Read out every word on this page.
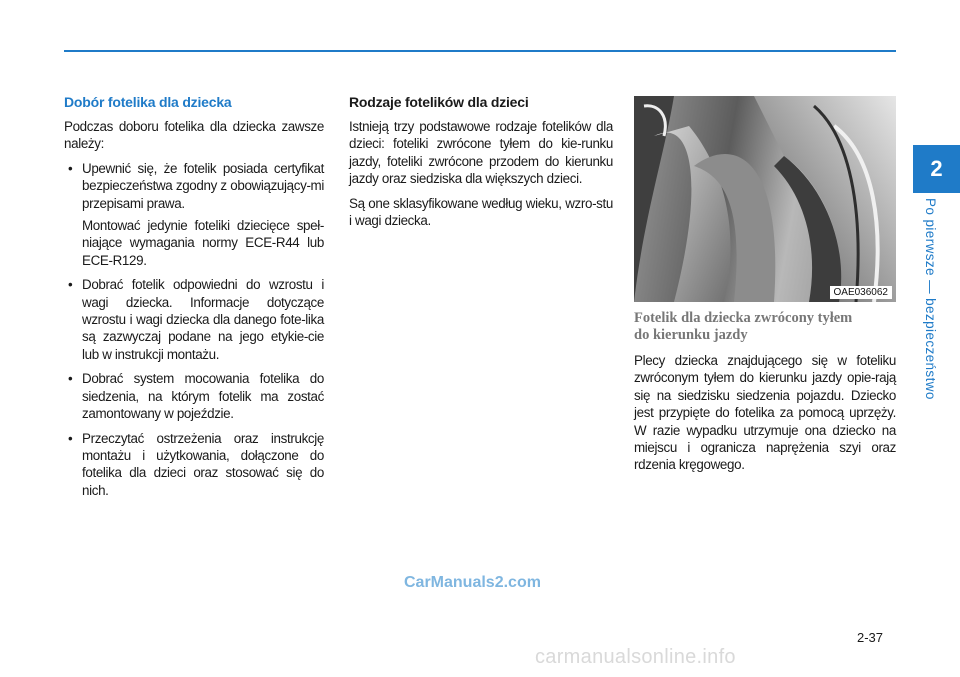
Dobór fotelika dla dziecka

Podczas doboru fotelika dla dziecka zawsze należy:

• Upewnić się, że fotelik posiada certyfikat bezpieczeństwa zgodny z obowiązujący-mi przepisami prawa.

Montować jedynie foteliki dziecięce speł-niające wymagania normy ECE-R44 lub ECE-R129.

• Dobrać fotelik odpowiedni do wzrostu i wagi dziecka. Informacje dotyczące wzrostu i wagi dziecka dla danego fote-lika są zazwyczaj podane na jego etykie-cie lub w instrukcji montażu.

• Dobrać system mocowania fotelika do siedzenia, na którym fotelik ma zostać zamontowany w pojeździe.

• Przeczytać ostrzeżenia oraz instrukcję montażu i użytkowania, dołączone do fotelika dla dzieci oraz stosować się do nich.

Rodzaje fotelików dla dzieci

Istnieją trzy podstawowe rodzaje fotelików dla dzieci: foteliki zwrócone tyłem do kie-runku jazdy, foteliki zwrócone przodem do kierunku jazdy oraz siedziska dla większych dzieci.

Są one sklasyfikowane według wieku, wzro-stu i wagi dziecka.

OAE036062
Fotelik dla dziecka zwrócony tyłem
do kierunku jazdy

Plecy dziecka znajdującego się w foteliku zwróconym tyłem do kierunku jazdy opie-rają się na siedzisku siedzenia pojazdu. Dziecko jest przypięte do fotelika za pomocą uprzęży. W razie wypadku utrzymuje ona dziecko na miejscu i ogranicza naprężenia szyi oraz rdzenia kręgowego.

2
Po pierwsze — bezpieczeństwo
CarManuals2.com
2-37
carmanualsonline.info
